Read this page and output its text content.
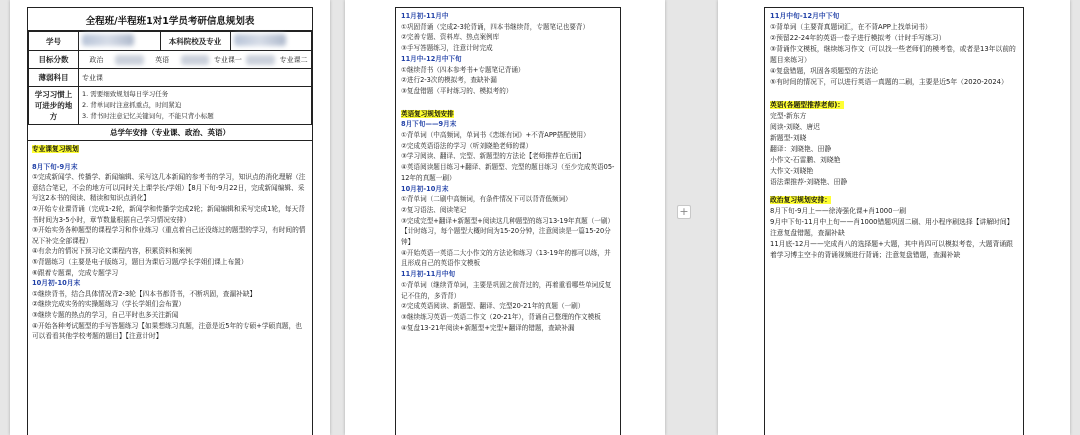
全程班/半程班1对1学员考研信息规划表
学号		本科院校及专业	
目标分数	政治 英语 专业课一 专业课二		

薄弱科目	专业课		
学习习惯上可进步的地方	1. 需要细致规划每日学习任务
2. 背单词时注意抓重点，时间紧迫
3. 背书时注意记忆关键词句，不能只背小标题		
总学年安排（专业课、政治、英语）

专业课复习规划

8月下旬-9月末

①完成新闻学、传播学、新闻编辑、采写这几本新闻的参考书的学习，知识点的消化理解（注意结合笔记，不会的地方可以同时关上课学长/学姐）【8月下旬-9月22日，完成新闻编辑、采写这2本书的阅读、精读和知识点消化】

②开始专业课背诵（完成1-2轮，新闻学和传播学完成2轮；新闻编辑和采写完成1轮，每天背书时间为3-5小时，章节数量根据自己学习情况安排）

③开始实务各种题型的课程学习和作业练习（重点着自己还没练过的题型的学习，有时间的情况下补完全部课程）

④有余力的情况下预习论文课程内容，积累资料和案例

⑤背题练习（主要是电子版练习，题目为课后习题/学长学姐们课上布置）

⑥跟着专题课，完成专题学习

10月初-10月末

①继续背书，结合具体情况背2-3轮【四本书都背书，不断巩固，查漏补缺】

②继续完成实务的实操题练习（学长学姐们会布置）

③继续专题的热点的学习，自己平时也多关注新闻

④开始各种考试题型的手写答题练习【如果想练习真题，注意是近5年的专硕+学硕真题，也可以看看其他学校考题的题目】【注意计时】

11月初-11月中

①巩固背诵（完成2-3轮背诵，四本书继续背，专题笔记也要背）

②完善专题、资料库、热点案例库

③手写答题练习，注意计时完成

11月中-12月中下旬

①继续背书（四本参考书+专题笔记背诵）

②进行2-3次的模拟考，查缺补漏

③复盘错题（平时练习的、模拟考的）

英语复习规划安排

8月下旬——9月末

①背单词（中高频词，单词书《恋练有词》+不背APP搭配使用）

②完成英语语法的学习（听刘晓艳老师的课）

③学习阅读、翻译、完型、新题型的方法论【老师推荐在后面】

④英语阅读题目练习+翻译、新题型、完型的题目练习（至少完成英语05-12年的真题一刷）

10月初-10月末

①背单词（二刷中高频词，有条件情况下可以背背低频词）

②复习语法、阅读笔记

③完成完型+翻译+新题型+阅读这几种题型的练习13-19年真题（一刷）【计时练习，每个题型大概时间为15-20分钟，注意阅读是一篇15-20分钟】

④开始英语一英语二大小作文的方法论和练习（13-19年的都可以练，并且形成自己的英语作文模板

11月初-11月中旬

①背单词（继续背单词，主要是巩固之前背过的，再着重看哪些单词反复记不住的，多背背）

②完成英语阅读、新题型、翻译、完型20-21年的真题（一刷）

③继续练习英语一英语二作文（20-21年），背诵自己整理的作文模板

④复盘13-21年阅读+新题型+完型+翻译的错题，查缺补漏

+

11月中旬-12月中下旬

①背单词（主要背真题词汇，在不背APP上找单词书）

②预留22-24年的英语一卷子进行模拟考（计时手写练习）

③背诵作文模板，继续练习作文（可以找一些老师们的模考卷，或者是13年以前的题目来练习）

④复盘错题，巩固各项题型的方法论

⑤有时间的情况下，可以进行英语一真题的二刷，主要是近5年（2020-2024）

英语(各题型推荐老师)：

完型-新东方

阅读-刘晓、唐迟

新题型-刘晓

翻译：刘晓艳、田静

小作文-石雷鹏、刘晓艳

大作文-刘晓艳

语法课推荐-刘晓艳、田静

政治复习规划安排：

8月下旬-9月上——徐涛强化课+肖1000一刷

9月中下旬-11月中上旬——肖1000错题巩固二刷、用小程序刷选择【讲解时间】注意复盘错题，查漏补缺

11月底-12月——完成肖八的选择题+大题，其中肖四可以模拟考卷，大题背诵跟着学习博主空卡的背诵视频进行背诵；注意复盘错题，查漏补缺
